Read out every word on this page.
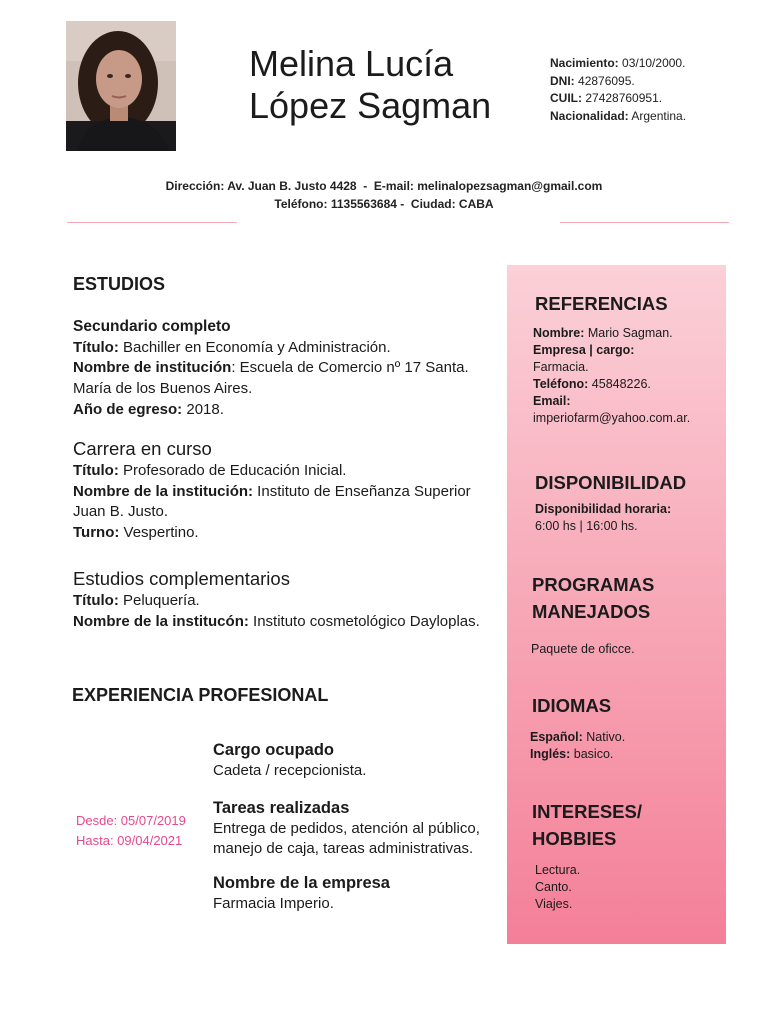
Melina Lucía
López Sagman
Nacimiento: 03/10/2000.
DNI: 42876095.
CUIL: 27428760951.
Nacionalidad: Argentina.
Dirección: Av. Juan B. Justo 4428  -  E-mail: melinalopezsagman@gmail.com
Teléfono: 1135563684 -  Ciudad: CABA
ESTUDIOS
Secundario completo
Título: Bachiller en Economía y Administración.
Nombre de institución: Escuela de Comercio nº 17 Santa. María de los Buenos Aires.
Año de egreso: 2018.
Carrera en curso
Título: Profesorado de Educación Inicial.
Nombre de la institución: Instituto de Enseñanza Superior Juan B. Justo.
Turno: Vespertino.
Estudios complementarios
Título: Peluquería.
Nombre de la institucón: Instituto cosmetológico Dayloplas.
EXPERIENCIA PROFESIONAL
Desde: 05/07/2019
Hasta: 09/04/2021
Cargo ocupado
Cadeta / recepcionista.
Tareas realizadas
Entrega de pedidos, atención al público, manejo de caja, tareas administrativas.
Nombre de la empresa
Farmacia Imperio.
REFERENCIAS
Nombre: Mario Sagman.
Empresa | cargo:
Farmacia.
Teléfono: 45848226.
Email:
imperiofarm@yahoo.com.ar.
DISPONIBILIDAD
Disponibilidad horaria:
6:00 hs | 16:00 hs.
PROGRAMAS
MANEJADOS
Paquete de oficce.
IDIOMAS
Español: Nativo.
Inglés: basico.
INTERESES/
HOBBIES
Lectura.
Canto.
Viajes.
